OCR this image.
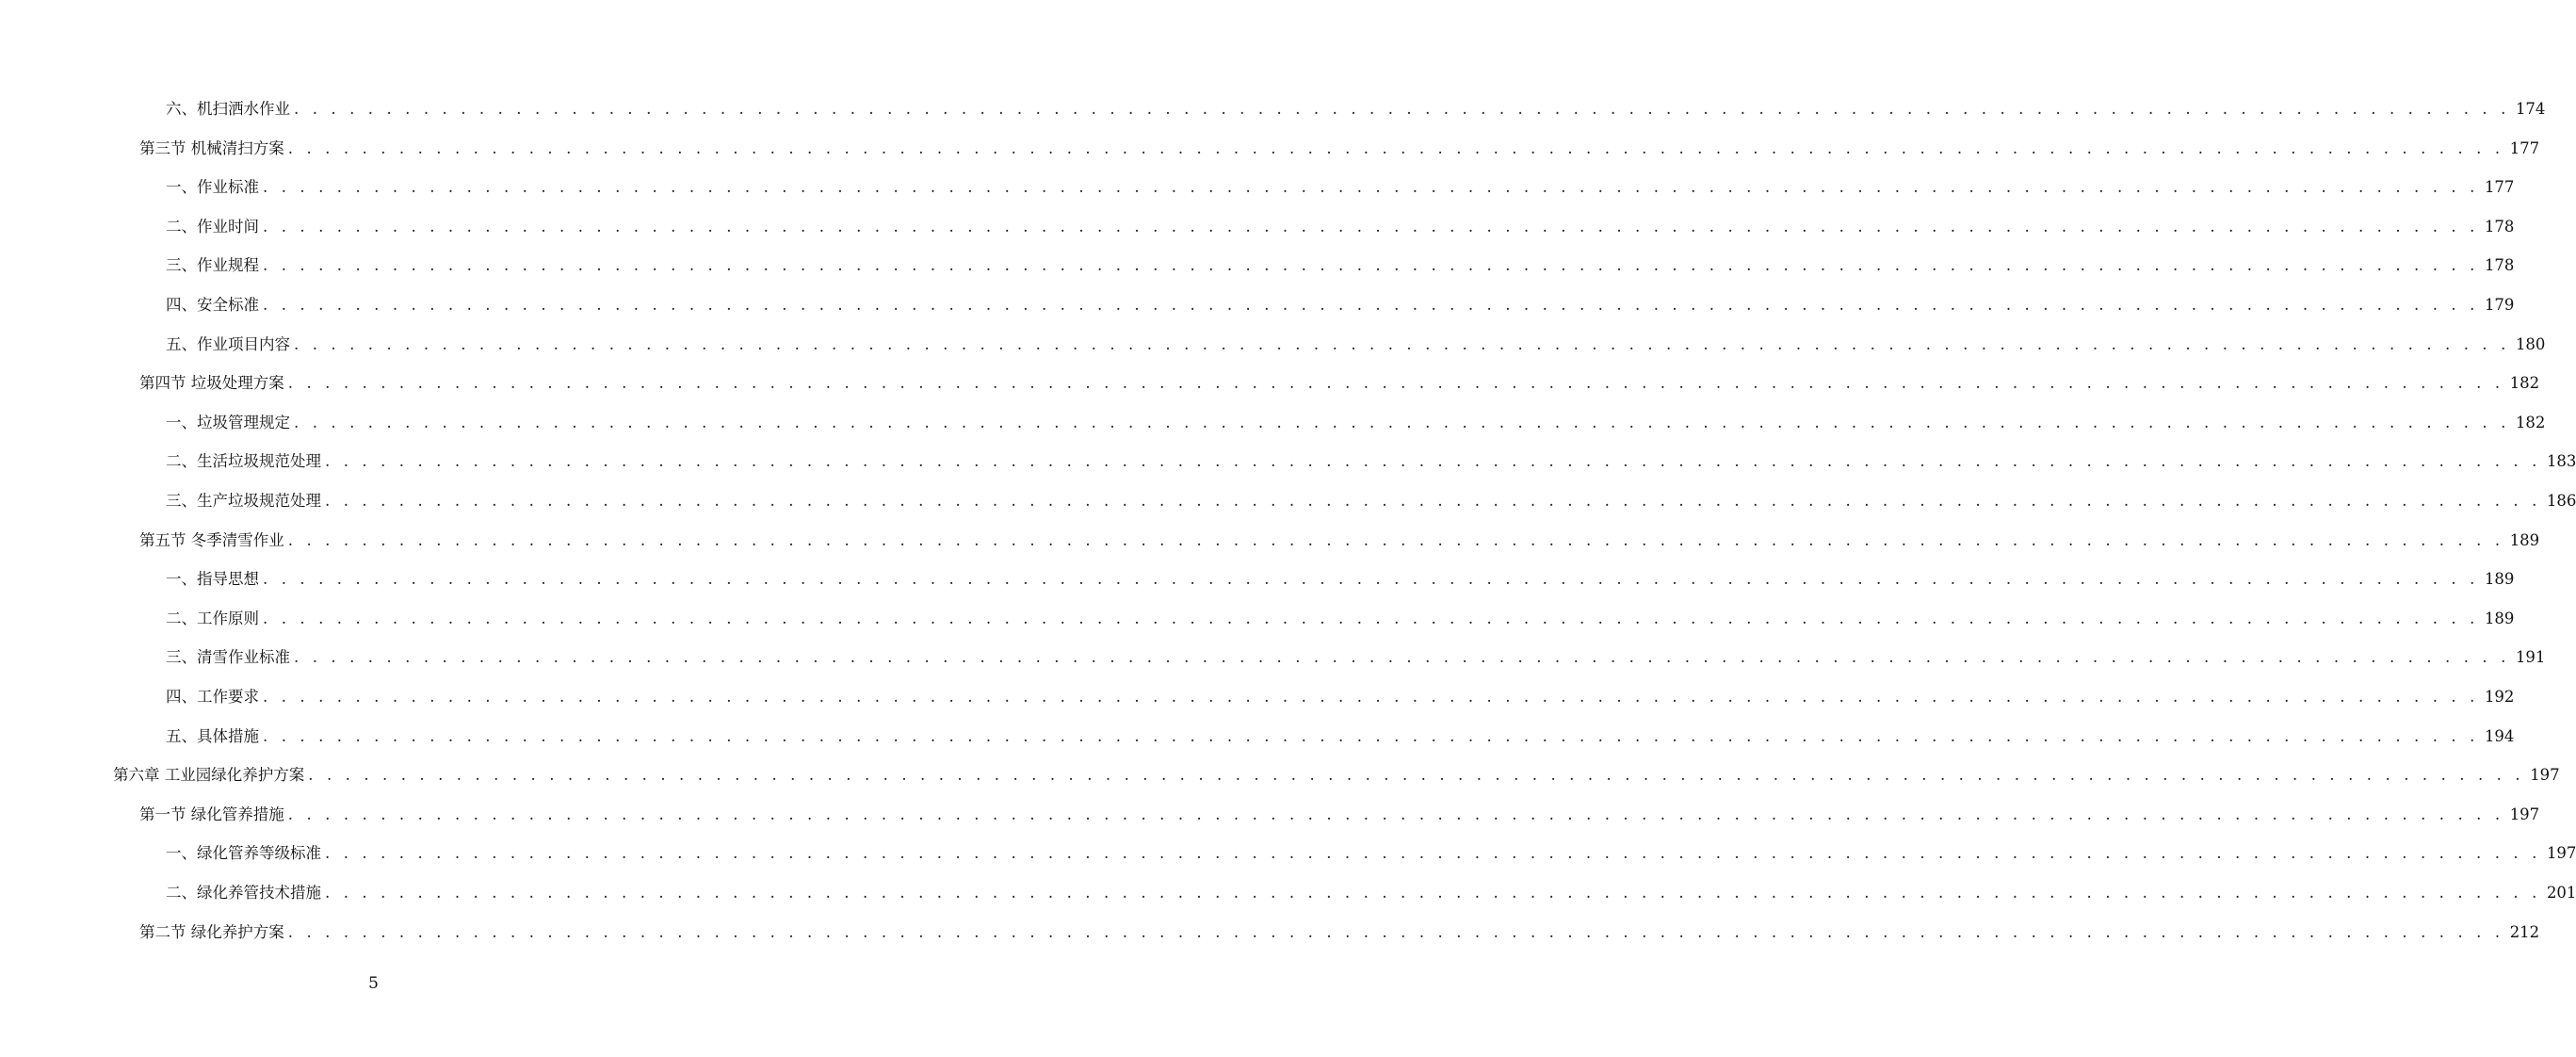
六、机扫洒水作业 . . . . . . . . . . . . . . . . . . . . . . . . . . . . . . . . . . . . . . . . . . . . . . . . . . . . . . . . . . . . . . . . . . . . . . . . . . . . . . . . . . . . . . . . . . . . . . . . . . . . . . . . . . . . . . . . . . . . . . . . 174
第三节 机械清扫方案 . . . . . . . . . . . . . . . . . . . . . . . . . . . . . . . . . . . . . . . . . . . . . . . . . . . . . . . . . . . . . . . . . . . . . . . . . . . . . . . . . . . . . . . . . . . . . . . . . . . . . . . . . . . . . . . . . . . . . . . . 177
一、作业标准 . . . . . . . . . . . . . . . . . . . . . . . . . . . . . . . . . . . . . . . . . . . . . . . . . . . . . . . . . . . . . . . . . . . . . . . . . . . . . . . . . . . . . . . . . . . . . . . . . . . . . . . . . . . . . . . . . . . . . . . . 177
二、作业时间 . . . . . . . . . . . . . . . . . . . . . . . . . . . . . . . . . . . . . . . . . . . . . . . . . . . . . . . . . . . . . . . . . . . . . . . . . . . . . . . . . . . . . . . . . . . . . . . . . . . . . . . . . . . . . . . . . . . . . . . . 178
三、作业规程 . . . . . . . . . . . . . . . . . . . . . . . . . . . . . . . . . . . . . . . . . . . . . . . . . . . . . . . . . . . . . . . . . . . . . . . . . . . . . . . . . . . . . . . . . . . . . . . . . . . . . . . . . . . . . . . . . . . . . . . . 178
四、安全标准 . . . . . . . . . . . . . . . . . . . . . . . . . . . . . . . . . . . . . . . . . . . . . . . . . . . . . . . . . . . . . . . . . . . . . . . . . . . . . . . . . . . . . . . . . . . . . . . . . . . . . . . . . . . . . . . . . . . . . . . . 179
五、作业项目内容 . . . . . . . . . . . . . . . . . . . . . . . . . . . . . . . . . . . . . . . . . . . . . . . . . . . . . . . . . . . . . . . . . . . . . . . . . . . . . . . . . . . . . . . . . . . . . . . . . . . . . . . . . . . . . . . . . . . . . . . . 180
第四节 垃圾处理方案 . . . . . . . . . . . . . . . . . . . . . . . . . . . . . . . . . . . . . . . . . . . . . . . . . . . . . . . . . . . . . . . . . . . . . . . . . . . . . . . . . . . . . . . . . . . . . . . . . . . . . . . . . . . . . . . . . . . . . . . . 182
一、垃圾管理规定 . . . . . . . . . . . . . . . . . . . . . . . . . . . . . . . . . . . . . . . . . . . . . . . . . . . . . . . . . . . . . . . . . . . . . . . . . . . . . . . . . . . . . . . . . . . . . . . . . . . . . . . . . . . . . . . . . . . . . . . . 182
二、生活垃圾规范处理 . . . . . . . . . . . . . . . . . . . . . . . . . . . . . . . . . . . . . . . . . . . . . . . . . . . . . . . . . . . . . . . . . . . . . . . . . . . . . . . . . . . . . . . . . . . . . . . . . . . . . . . . . . . . . . . . . . . . . . . . 183
三、生产垃圾规范处理 . . . . . . . . . . . . . . . . . . . . . . . . . . . . . . . . . . . . . . . . . . . . . . . . . . . . . . . . . . . . . . . . . . . . . . . . . . . . . . . . . . . . . . . . . . . . . . . . . . . . . . . . . . . . . . . . . . . . . . . . 186
第五节 冬季清雪作业 . . . . . . . . . . . . . . . . . . . . . . . . . . . . . . . . . . . . . . . . . . . . . . . . . . . . . . . . . . . . . . . . . . . . . . . . . . . . . . . . . . . . . . . . . . . . . . . . . . . . . . . . . . . . . . . . . . . . . . . . 189
一、指导思想 . . . . . . . . . . . . . . . . . . . . . . . . . . . . . . . . . . . . . . . . . . . . . . . . . . . . . . . . . . . . . . . . . . . . . . . . . . . . . . . . . . . . . . . . . . . . . . . . . . . . . . . . . . . . . . . . . . . . . . . . 189
二、工作原则 . . . . . . . . . . . . . . . . . . . . . . . . . . . . . . . . . . . . . . . . . . . . . . . . . . . . . . . . . . . . . . . . . . . . . . . . . . . . . . . . . . . . . . . . . . . . . . . . . . . . . . . . . . . . . . . . . . . . . . . . 189
三、清雪作业标准 . . . . . . . . . . . . . . . . . . . . . . . . . . . . . . . . . . . . . . . . . . . . . . . . . . . . . . . . . . . . . . . . . . . . . . . . . . . . . . . . . . . . . . . . . . . . . . . . . . . . . . . . . . . . . . . . . . . . . . . . 191
四、工作要求 . . . . . . . . . . . . . . . . . . . . . . . . . . . . . . . . . . . . . . . . . . . . . . . . . . . . . . . . . . . . . . . . . . . . . . . . . . . . . . . . . . . . . . . . . . . . . . . . . . . . . . . . . . . . . . . . . . . . . . . . 192
五、具体措施 . . . . . . . . . . . . . . . . . . . . . . . . . . . . . . . . . . . . . . . . . . . . . . . . . . . . . . . . . . . . . . . . . . . . . . . . . . . . . . . . . . . . . . . . . . . . . . . . . . . . . . . . . . . . . . . . . . . . . . . . 194
第六章 工业园绿化养护方案 . . . . . . . . . . . . . . . . . . . . . . . . . . . . . . . . . . . . . . . . . . . . . . . . . . . . . . . . . . . . . . . . . . . . . . . . . . . . . . . . . . . . . . . . . . . . . . . . . . . . . . . . . . . . . . . . . . . . . . . . 197
第一节 绿化管养措施 . . . . . . . . . . . . . . . . . . . . . . . . . . . . . . . . . . . . . . . . . . . . . . . . . . . . . . . . . . . . . . . . . . . . . . . . . . . . . . . . . . . . . . . . . . . . . . . . . . . . . . . . . . . . . . . . . . . . . . . . 197
一、绿化管养等级标准 . . . . . . . . . . . . . . . . . . . . . . . . . . . . . . . . . . . . . . . . . . . . . . . . . . . . . . . . . . . . . . . . . . . . . . . . . . . . . . . . . . . . . . . . . . . . . . . . . . . . . . . . . . . . . . . . . . . . . . . . 197
二、绿化养管技术措施 . . . . . . . . . . . . . . . . . . . . . . . . . . . . . . . . . . . . . . . . . . . . . . . . . . . . . . . . . . . . . . . . . . . . . . . . . . . . . . . . . . . . . . . . . . . . . . . . . . . . . . . . . . . . . . . . . . . . . . . . 201
第二节 绿化养护方案 . . . . . . . . . . . . . . . . . . . . . . . . . . . . . . . . . . . . . . . . . . . . . . . . . . . . . . . . . . . . . . . . . . . . . . . . . . . . . . . . . . . . . . . . . . . . . . . . . . . . . . . . . . . . . . . . . . . . . . . . 212
5
